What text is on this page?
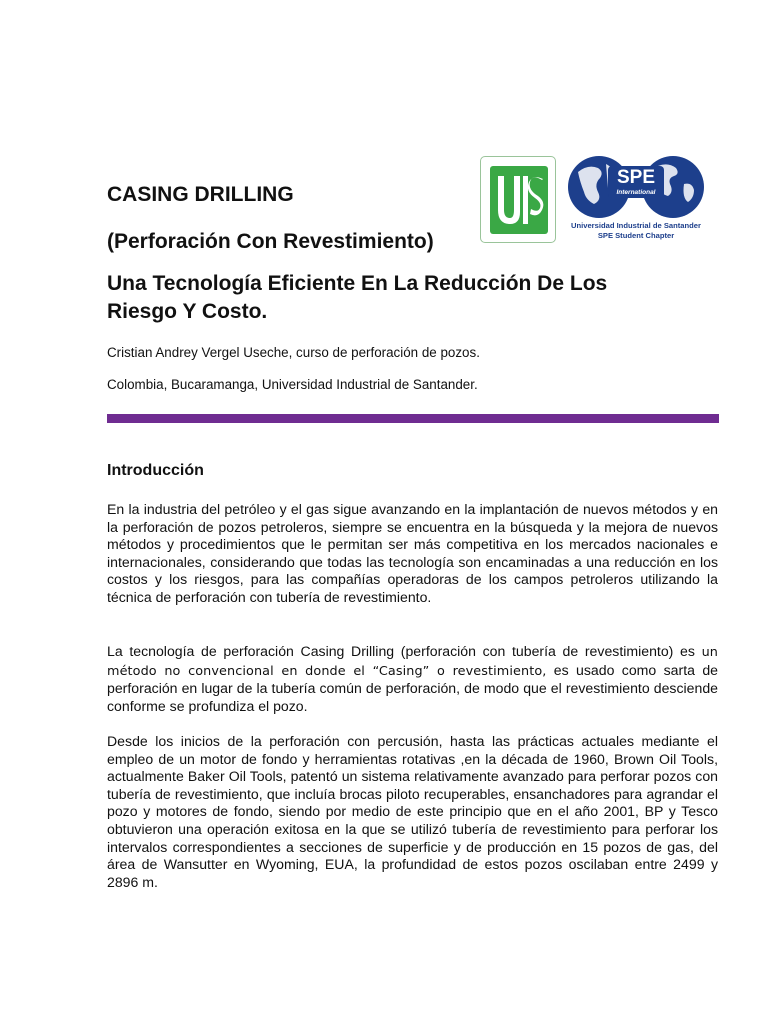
CASING DRILLING
(Perforación Con Revestimiento)
Una Tecnología Eficiente En La Reducción De Los Riesgo Y Costo.
SPE
International
Universidad Industrial de Santander
SPE Student Chapter
Cristian Andrey Vergel Useche, curso de perforación de pozos.
Colombia, Bucaramanga, Universidad Industrial de Santander.
Introducción

En la industria del petróleo y el gas sigue avanzando en la implantación de nuevos métodos y en la perforación de pozos petroleros, siempre se encuentra en la búsqueda y la mejora de nuevos métodos y procedimientos que le permitan ser más competitiva en los mercados nacionales e internacionales, considerando que todas las tecnología son encaminadas a una reducción en los costos y los riesgos, para las compañías operadoras de los campos petroleros utilizando la técnica de perforación con tubería de revestimiento.

La tecnología de perforación Casing Drilling (perforación con tubería de revestimiento) es un método no convencional en donde el “Casing” o revestimiento, es usado como sarta de perforación en lugar de la tubería común de perforación, de modo que el revestimiento desciende conforme se profundiza el pozo.

Desde los inicios de la perforación con percusión, hasta las prácticas actuales mediante el empleo de un motor de fondo y herramientas rotativas ,en la década de 1960, Brown Oil Tools, actualmente Baker Oil Tools, patentó un sistema relativamente avanzado para perforar pozos con tubería de revestimiento, que incluía brocas piloto recuperables, ensanchadores para agrandar el pozo y motores de fondo, siendo por medio de este principio que en el año 2001, BP y Tesco obtuvieron una operación exitosa en la que se utilizó tubería de revestimiento para perforar los intervalos correspondientes a secciones de superficie y de producción en 15 pozos de gas, del área de Wansutter en Wyoming, EUA, la profundidad de estos pozos oscilaban entre 2499 y 2896 m.
